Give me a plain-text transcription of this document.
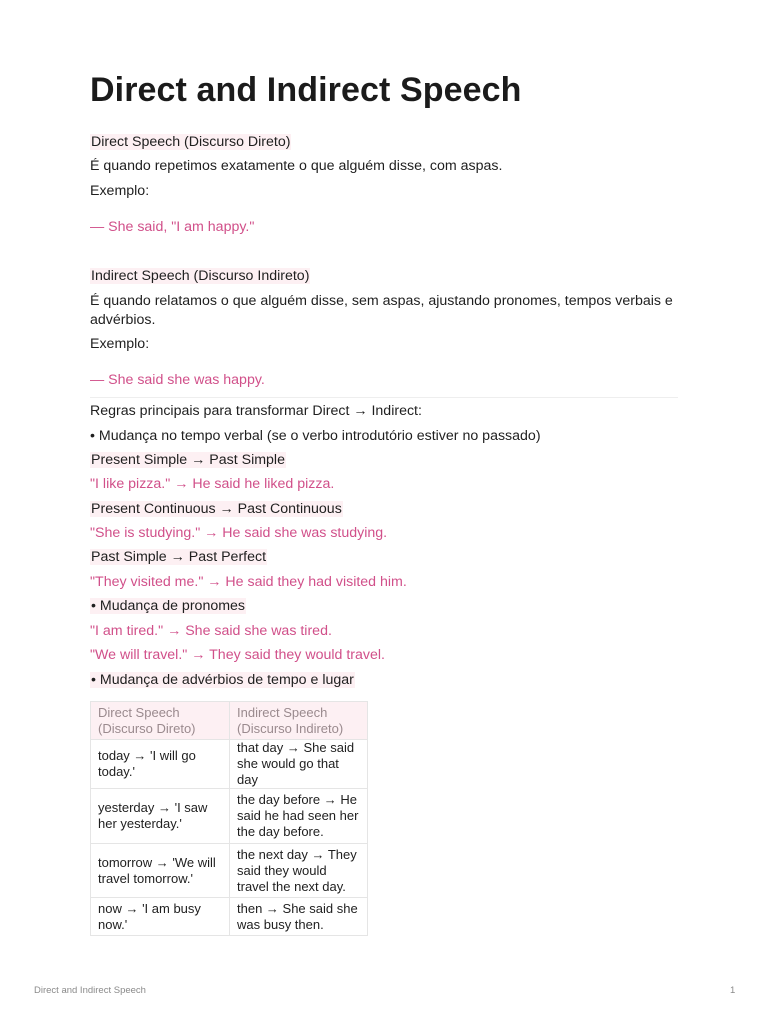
Direct and Indirect Speech
Direct Speech (Discurso Direto)
É quando repetimos exatamente o que alguém disse, com aspas.
Exemplo:
— She said, "I am happy."
Indirect Speech (Discurso Indireto)
É quando relatamos o que alguém disse, sem aspas, ajustando pronomes, tempos verbais e advérbios.
Exemplo:
— She said she was happy.
Regras principais para transformar Direct → Indirect:
• Mudança no tempo verbal (se o verbo introdutório estiver no passado)
Present Simple → Past Simple
"I like pizza." → He said he liked pizza.
Present Continuous → Past Continuous
"She is studying." → He said she was studying.
Past Simple → Past Perfect
"They visited me." → He said they had visited him.
• Mudança de pronomes
"I am tired." → She said she was tired.
"We will travel." → They said they would travel.
• Mudança de advérbios de tempo e lugar
Direct Speech (Discurso Direto)	Indirect Speech (Discurso Indireto)
today → 'I will go today.'	that day → She said she would go that day
yesterday → 'I saw her yesterday.'	the day before → He said he had seen her the day before.
tomorrow → 'We will travel tomorrow.'	the next day → They said they would travel the next day.
now → 'I am busy now.'	then → She said she was busy then.
Direct and Indirect Speech	1
